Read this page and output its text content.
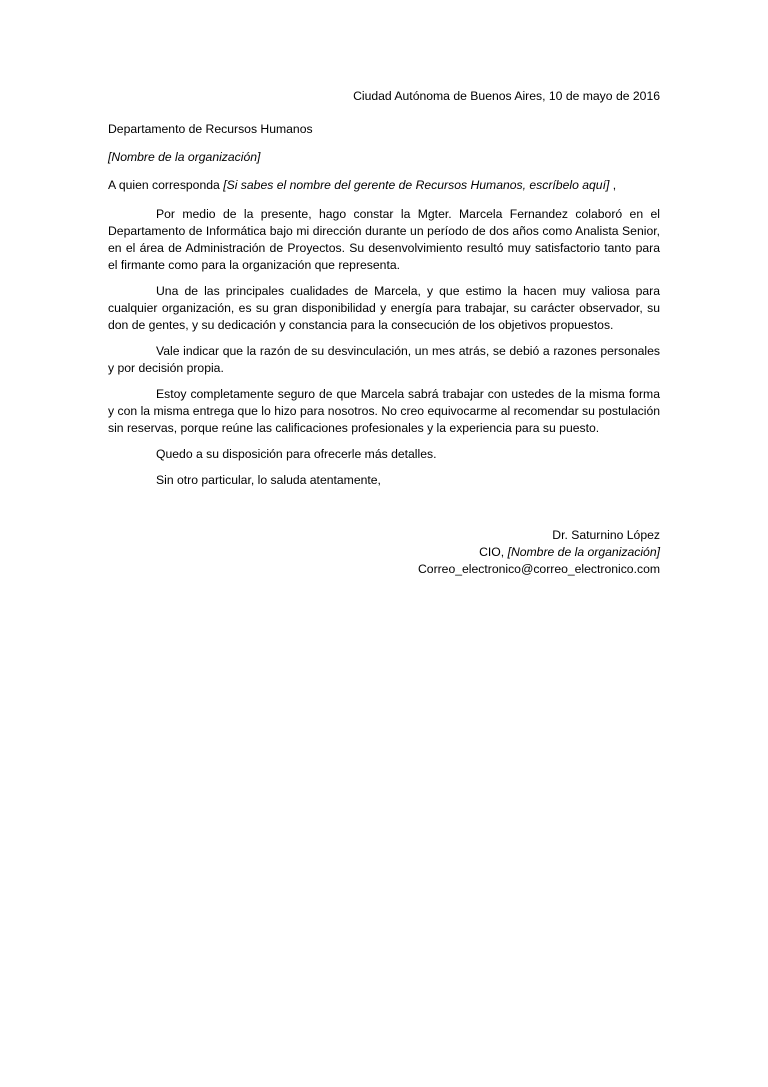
Ciudad Autónoma de Buenos Aires, 10 de mayo de 2016
Departamento de Recursos Humanos
[Nombre de la organización]
A quien corresponda [Si sabes el nombre del gerente de Recursos Humanos, escríbelo aquí] ,

Por medio de la presente, hago constar la Mgter. Marcela Fernandez colaboró en el Departamento de Informática bajo mi dirección durante un período de dos años como Analista Senior, en el área de Administración de Proyectos. Su desenvolvimiento resultó muy satisfactorio tanto para el firmante como para la organización que representa.

Una de las principales cualidades de Marcela, y que estimo la hacen muy valiosa para cualquier organización, es su gran disponibilidad y energía para trabajar, su carácter observador, su don de gentes, y su dedicación y constancia para la consecución de los objetivos propuestos.

Vale indicar que la razón de su desvinculación, un mes atrás, se debió a razones personales y por decisión propia.

Estoy completamente seguro de que Marcela sabrá trabajar con ustedes de la misma forma y con la misma entrega que lo hizo para nosotros. No creo equivocarme al recomendar su postulación sin reservas, porque reúne las calificaciones profesionales y la experiencia para su puesto.

Quedo a su disposición para ofrecerle más detalles.
Sin otro particular, lo saluda atentamente,
Dr. Saturnino López
CIO, [Nombre de la organización]
Correo_electronico@correo_electronico.com
